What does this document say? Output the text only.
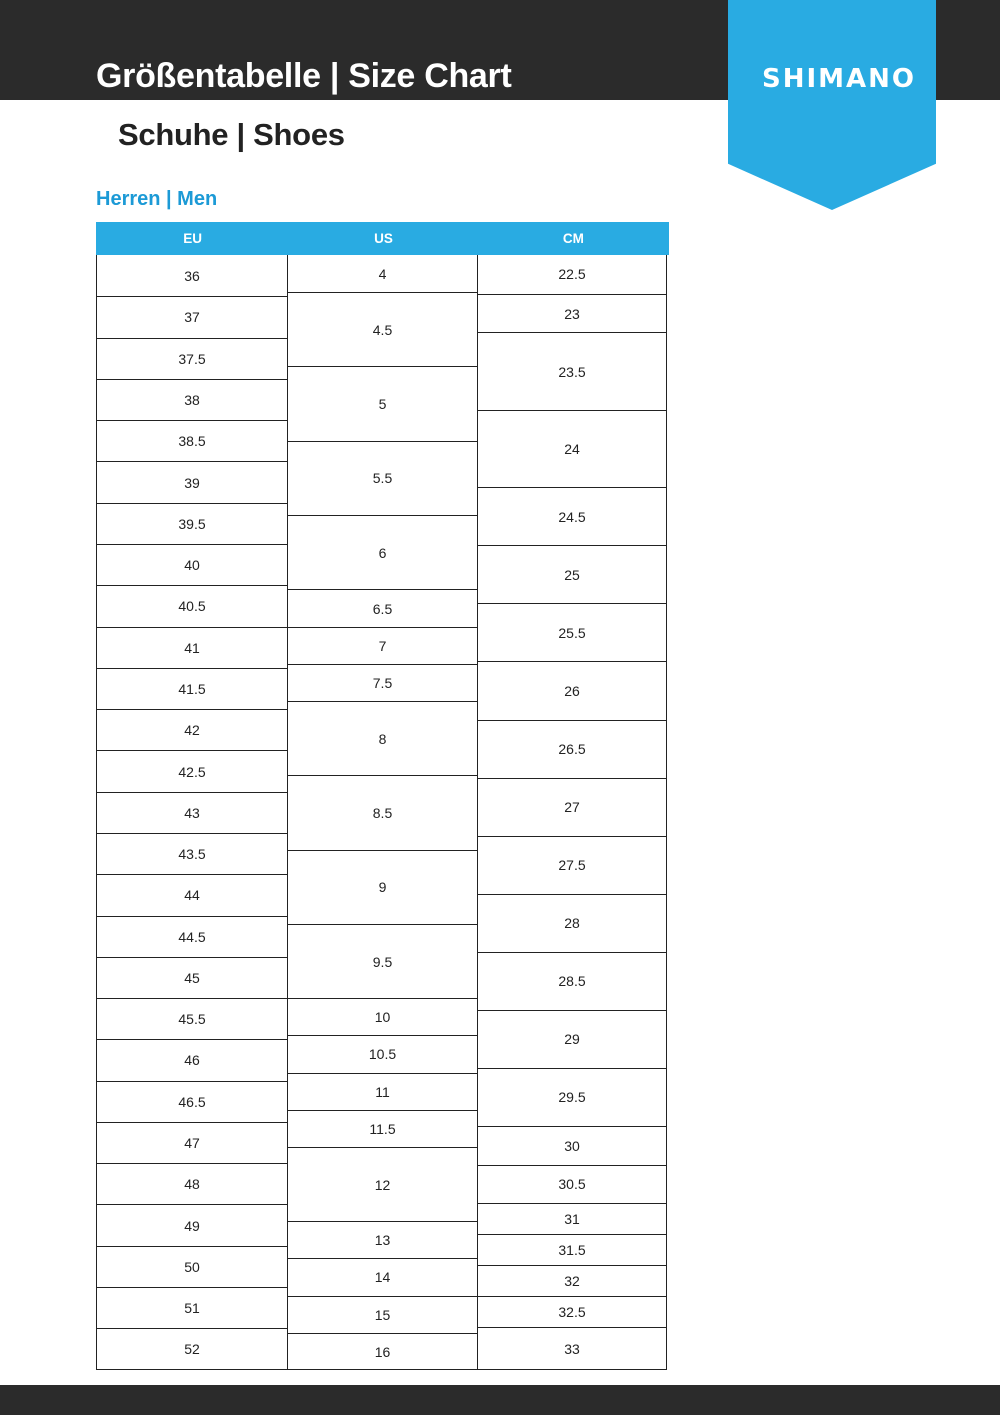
SHIMANO
Größentabelle | Size Chart
Schuhe | Shoes
Herren | Men
EU	US	CM
36
37
37.5
38
38.5
39
39.5
40
40.5
41
41.5
42
42.5
43
43.5
44
44.5
45
45.5
46
46.5
47
48
49
50
51
52
4
4.5
5
5.5
6
6.5
7
7.5
8
8.5
9
9.5
10
10.5
11
11.5
12
13
14
15
16
22.5
23
23.5
24
24.5
25
25.5
26
26.5
27
27.5
28
28.5
29
29.5
30
30.5
31
31.5
32
32.5
33
